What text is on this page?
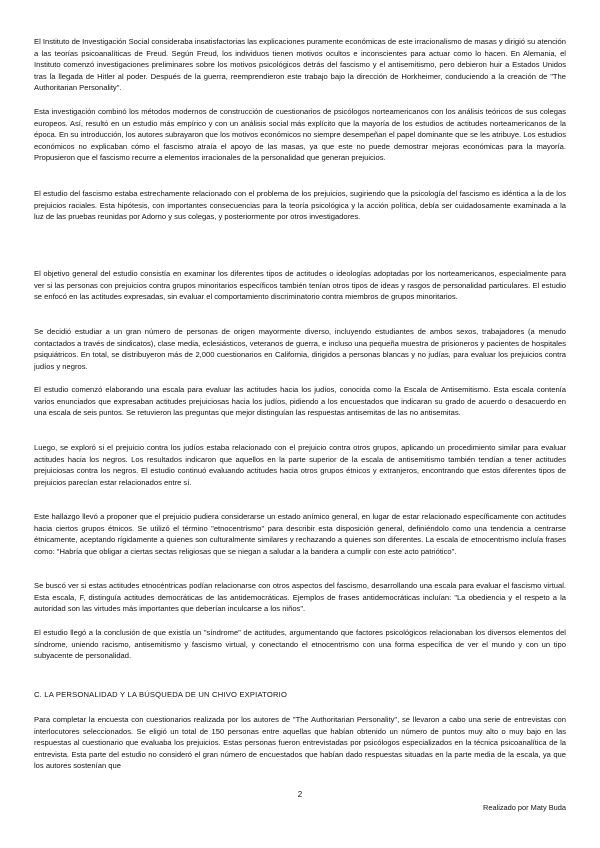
El Instituto de Investigación Social consideraba insatisfactorias las explicaciones puramente económicas de este irracionalismo de masas y dirigió su atención a las teorías psicoanalíticas de Freud. Según Freud, los individuos tienen motivos ocultos e inconscientes para actuar como lo hacen. En Alemania, el Instituto comenzó investigaciones preliminares sobre los motivos psicológicos detrás del fascismo y el antisemitismo, pero debieron huir a Estados Unidos tras la llegada de Hitler al poder. Después de la guerra, reemprendieron este trabajo bajo la dirección de Horkheimer, conduciendo a la creación de "The Authoritarian Personality".

Esta investigación combinó los métodos modernos de construcción de cuestionarios de psicólogos norteamericanos con los análisis teóricos de sus colegas europeos. Así, resultó en un estudio más empírico y con un análisis social más explícito que la mayoría de los estudios de actitudes norteamericanos de la época. En su introducción, los autores subrayaron que los motivos económicos no siempre desempeñan el papel dominante que se les atribuye. Los estudios económicos no explicaban cómo el fascismo atraía el apoyo de las masas, ya que este no puede demostrar mejoras económicas para la mayoría. Propusieron que el fascismo recurre a elementos irracionales de la personalidad que generan prejuicios.

El estudio del fascismo estaba estrechamente relacionado con el problema de los prejuicios, sugiriendo que la psicología del fascismo es idéntica a la de los prejuicios raciales. Esta hipótesis, con importantes consecuencias para la teoría psicológica y la acción política, debía ser cuidadosamente examinada a la luz de las pruebas reunidas por Adorno y sus colegas, y posteriormente por otros investigadores.

El objetivo general del estudio consistía en examinar los diferentes tipos de actitudes o ideologías adoptadas por los norteamericanos, especialmente para ver si las personas con prejuicios contra grupos minoritarios específicos también tenían otros tipos de ideas y rasgos de personalidad particulares. El estudio se enfocó en las actitudes expresadas, sin evaluar el comportamiento discriminatorio contra miembros de grupos minoritarios.

Se decidió estudiar a un gran número de personas de origen mayormente diverso, incluyendo estudiantes de ambos sexos, trabajadores (a menudo contactados a través de sindicatos), clase media, eclesiásticos, veteranos de guerra, e incluso una pequeña muestra de prisioneros y pacientes de hospitales psiquiátricos. En total, se distribuyeron más de 2,000 cuestionarios en California, dirigidos a personas blancas y no judías, para evaluar los prejuicios contra judíos y negros.

El estudio comenzó elaborando una escala para evaluar las actitudes hacia los judíos, conocida como la Escala de Antisemitismo. Esta escala contenía varios enunciados que expresaban actitudes prejuiciosas hacia los judíos, pidiendo a los encuestados que indicaran su grado de acuerdo o desacuerdo en una escala de seis puntos. Se retuvieron las preguntas que mejor distinguían las respuestas antisemitas de las no antisemitas.

Luego, se exploró si el prejuicio contra los judíos estaba relacionado con el prejuicio contra otros grupos, aplicando un procedimiento similar para evaluar actitudes hacia los negros. Los resultados indicaron que aquellos en la parte superior de la escala de antisemitismo también tendían a tener actitudes prejuiciosas contra los negros. El estudio continuó evaluando actitudes hacia otros grupos étnicos y extranjeros, encontrando que estos diferentes tipos de prejuicios parecían estar relacionados entre sí.

Este hallazgo llevó a proponer que el prejuicio pudiera considerarse un estado anímico general, en lugar de estar relacionado específicamente con actitudes hacia ciertos grupos étnicos. Se utilizó el término "etnocentrismo" para describir esta disposición general, definiéndolo como una tendencia a centrarse étnicamente, aceptando rígidamente a quienes son culturalmente similares y rechazando a quienes son diferentes. La escala de etnocentrismo incluía frases como: "Habría que obligar a ciertas sectas religiosas que se niegan a saludar a la bandera a cumplir con este acto patriótico".

Se buscó ver si estas actitudes etnocéntricas podían relacionarse con otros aspectos del fascismo, desarrollando una escala para evaluar el fascismo virtual. Esta escala, F, distinguía actitudes democráticas de las antidemocráticas. Ejemplos de frases antidemocráticas incluían: "La obediencia y el respeto a la autoridad son las virtudes más importantes que deberían inculcarse a los niños".

El estudio llegó a la conclusión de que existía un "síndrome" de actitudes, argumentando que factores psicológicos relacionaban los diversos elementos del síndrome, uniendo racismo, antisemitismo y fascismo virtual, y conectando el etnocentrismo con una forma específica de ver el mundo y con un tipo subyacente de personalidad.

C. LA PERSONALIDAD Y LA BÚSQUEDA DE UN CHIVO EXPIATORIO

Para completar la encuesta con cuestionarios realizada por los autores de "The Authoritarian Personality", se llevaron a cabo una serie de entrevistas con interlocutores seleccionados. Se eligió un total de 150 personas entre aquellas que habían obtenido un número de puntos muy alto o muy bajo en las respuestas al cuestionario que evaluaba los prejuicios. Estas personas fueron entrevistadas por psicólogos especializados en la técnica psicoanalítica de la entrevista. Esta parte del estudio no consideró el gran número de encuestados que habían dado respuestas situadas en la parte media de la escala, ya que los autores sostenían que

2
Realizado por Maty Buda
